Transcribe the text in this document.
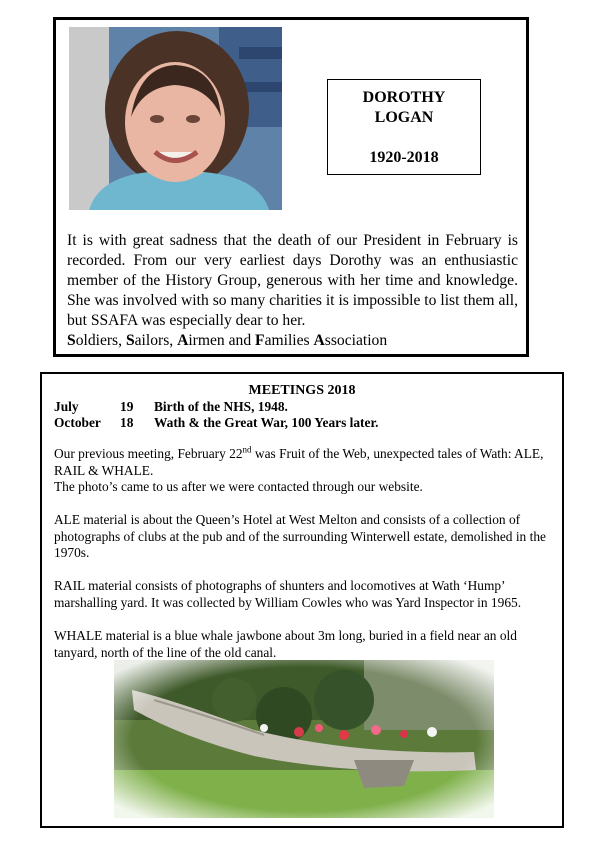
DOROTHY
LOGAN
1920-2018

It is with great sadness that the death of our President in February is recorded. From our very earliest days Dorothy was an enthusiastic member of the History Group, generous with her time and knowledge. She was involved with so many charities it is impossible to list them all, but SSAFA was especially dear to her.

Soldiers, Sailors, Airmen and Families Association

MEETINGS 2018
July	19 Birth of the NHS, 1948.
October 18 Wath & the Great War, 100 Years later.

Our previous meeting, February 22nd was Fruit of the Web, unexpected tales of Wath: ALE, RAIL & WHALE.

The photo’s came to us after we were contacted through our website.

ALE material is about the Queen’s Hotel at West Melton and consists of a collection of photographs of clubs at the pub and of the surrounding Winterwell estate, demolished in the 1970s.

RAIL material consists of photographs of shunters and locomotives at Wath ‘Hump’ marshalling yard. It was collected by William Cowles who was Yard Inspector in 1965.

WHALE material is a blue whale jawbone about 3m long, buried in a field near an old tanyard, north of the line of the old canal.
